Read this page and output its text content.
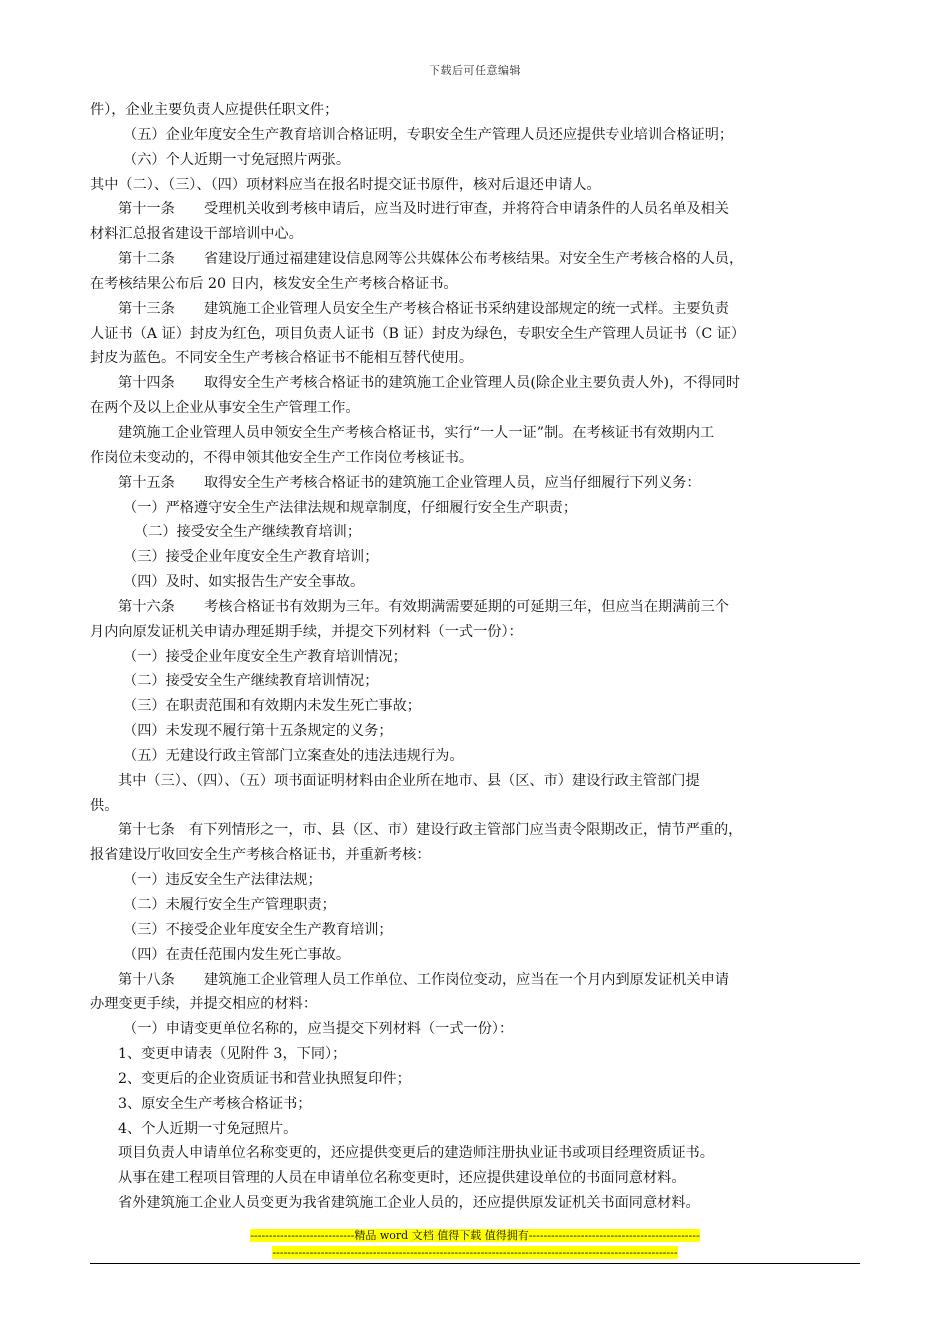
下载后可任意编辑
件），企业主要负责人应提供任职文件；
（五）企业年度安全生产教育培训合格证明，专职安全生产管理人员还应提供专业培训合格证明；
（六）个人近期一寸免冠照片两张。
其中（二）、（三）、（四）项材料应当在报名时提交证书原件，核对后退还申请人。
第十一条 受理机关收到考核申请后，应当及时进行审查，并将符合申请条件的人员名单及相关
材料汇总报省建设干部培训中心。
第十二条 省建设厅通过福建建设信息网等公共媒体公布考核结果。对安全生产考核合格的人员，
在考核结果公布后 20 日内，核发安全生产考核合格证书。
第十三条 建筑施工企业管理人员安全生产考核合格证书采纳建设部规定的统一式样。主要负责
人证书（A 证）封皮为红色，项目负责人证书（B 证）封皮为绿色，专职安全生产管理人员证书（C 证）
封皮为蓝色。不同安全生产考核合格证书不能相互替代使用。
第十四条 取得安全生产考核合格证书的建筑施工企业管理人员(除企业主要负责人外)，不得同时
在两个及以上企业从事安全生产管理工作。
建筑施工企业管理人员申领安全生产考核合格证书，实行“一人一证”制。在考核证书有效期内工
作岗位未变动的，不得申领其他安全生产工作岗位考核证书。
第十五条 取得安全生产考核合格证书的建筑施工企业管理人员，应当仔细履行下列义务：
（一）严格遵守安全生产法律法规和规章制度，仔细履行安全生产职责；
（二）接受安全生产继续教育培训；
（三）接受企业年度安全生产教育培训；
（四）及时、如实报告生产安全事故。
第十六条 考核合格证书有效期为三年。有效期满需要延期的可延期三年，但应当在期满前三个
月内向原发证机关申请办理延期手续，并提交下列材料（一式一份）：
（一）接受企业年度安全生产教育培训情况；
（二）接受安全生产继续教育培训情况；
（三）在职责范围和有效期内未发生死亡事故；
（四）未发现不履行第十五条规定的义务；
（五）无建设行政主管部门立案查处的违法违规行为。
其中（三）、（四）、（五）项书面证明材料由企业所在地市、县（区、市）建设行政主管部门提
供。
第十七条 有下列情形之一，市、县（区、市）建设行政主管部门应当责令限期改正，情节严重的，
报省建设厅收回安全生产考核合格证书，并重新考核：
（一）违反安全生产法律法规；
（二）未履行安全生产管理职责；
（三）不接受企业年度安全生产教育培训；
（四）在责任范围内发生死亡事故。
第十八条 建筑施工企业管理人员工作单位、工作岗位变动，应当在一个月内到原发证机关申请
办理变更手续，并提交相应的材料：
（一）申请变更单位名称的，应当提交下列材料（一式一份）：
1、变更申请表（见附件 3，下同）；
2、变更后的企业资质证书和营业执照复印件；
3、原安全生产考核合格证书；
4、个人近期一寸免冠照片。
项目负责人申请单位名称变更的，还应提供变更后的建造师注册执业证书或项目经理资质证书。
从事在建工程项目管理的人员在申请单位名称变更时，还应提供建设单位的书面同意材料。
省外建筑施工企业人员变更为我省建筑施工企业人员的，还应提供原发证机关书面同意材料。
----------------------------精品 word 文档 值得下载 值得拥有----------------------------------------------
-------------------------------------------------------------------------------------------------------------
